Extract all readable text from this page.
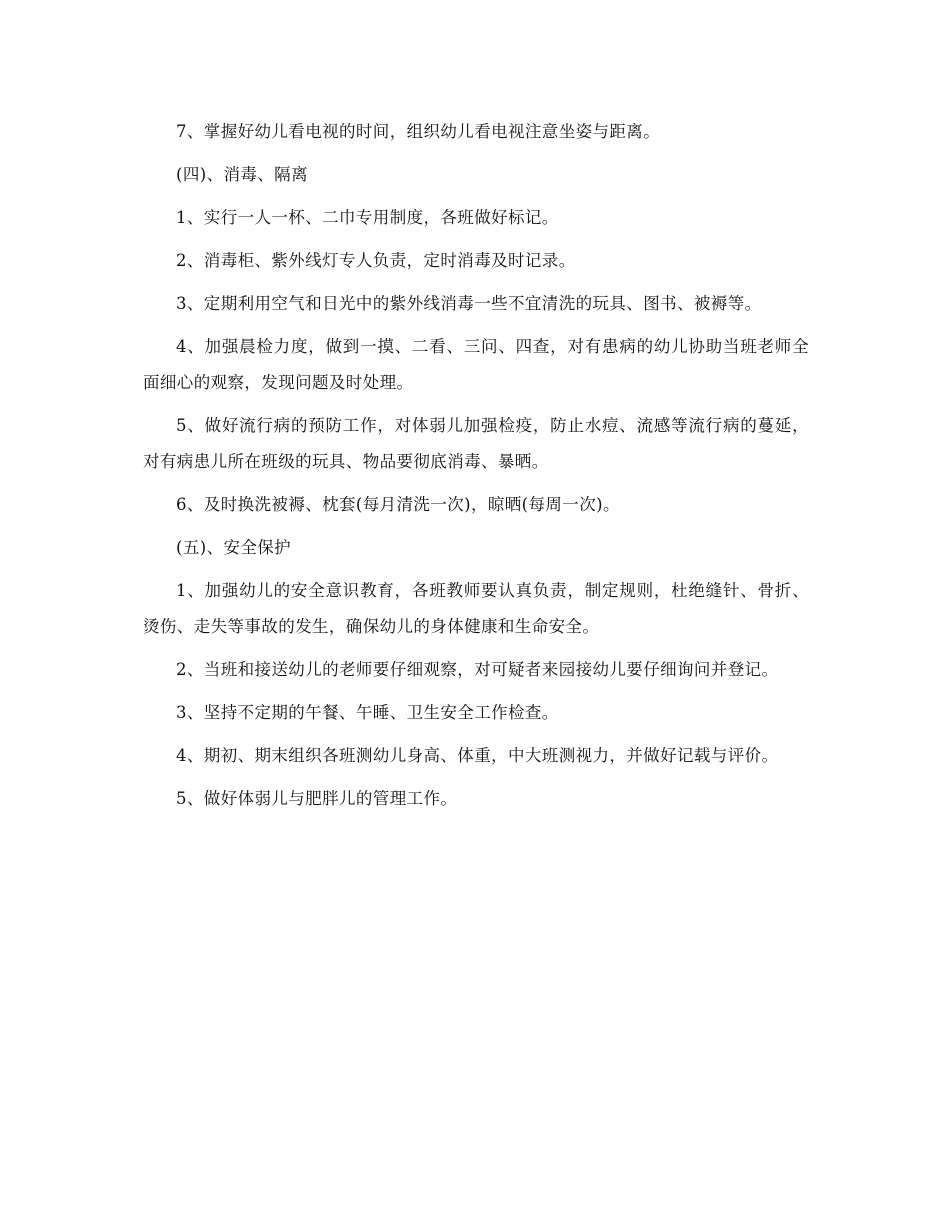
7、掌握好幼儿看电视的时间，组织幼儿看电视注意坐姿与距离。

(四)、消毒、隔离

1、实行一人一杯、二巾专用制度，各班做好标记。

2、消毒柜、紫外线灯专人负责，定时消毒及时记录。

3、定期利用空气和日光中的紫外线消毒一些不宜清洗的玩具、图书、被褥等。

4、加强晨检力度，做到一摸、二看、三问、四查，对有患病的幼儿协助当班老师全面细心的观察，发现问题及时处理。

5、做好流行病的预防工作，对体弱儿加强检疫，防止水痘、流感等流行病的蔓延，对有病患儿所在班级的玩具、物品要彻底消毒、暴晒。

6、及时换洗被褥、枕套(每月清洗一次)，晾晒(每周一次)。

(五)、安全保护

1、加强幼儿的安全意识教育，各班教师要认真负责，制定规则，杜绝缝针、骨折、烫伤、走失等事故的发生，确保幼儿的身体健康和生命安全。

2、当班和接送幼儿的老师要仔细观察，对可疑者来园接幼儿要仔细询问并登记。

3、坚持不定期的午餐、午睡、卫生安全工作检查。

4、期初、期末组织各班测幼儿身高、体重，中大班测视力，并做好记载与评价。

5、做好体弱儿与肥胖儿的管理工作。
